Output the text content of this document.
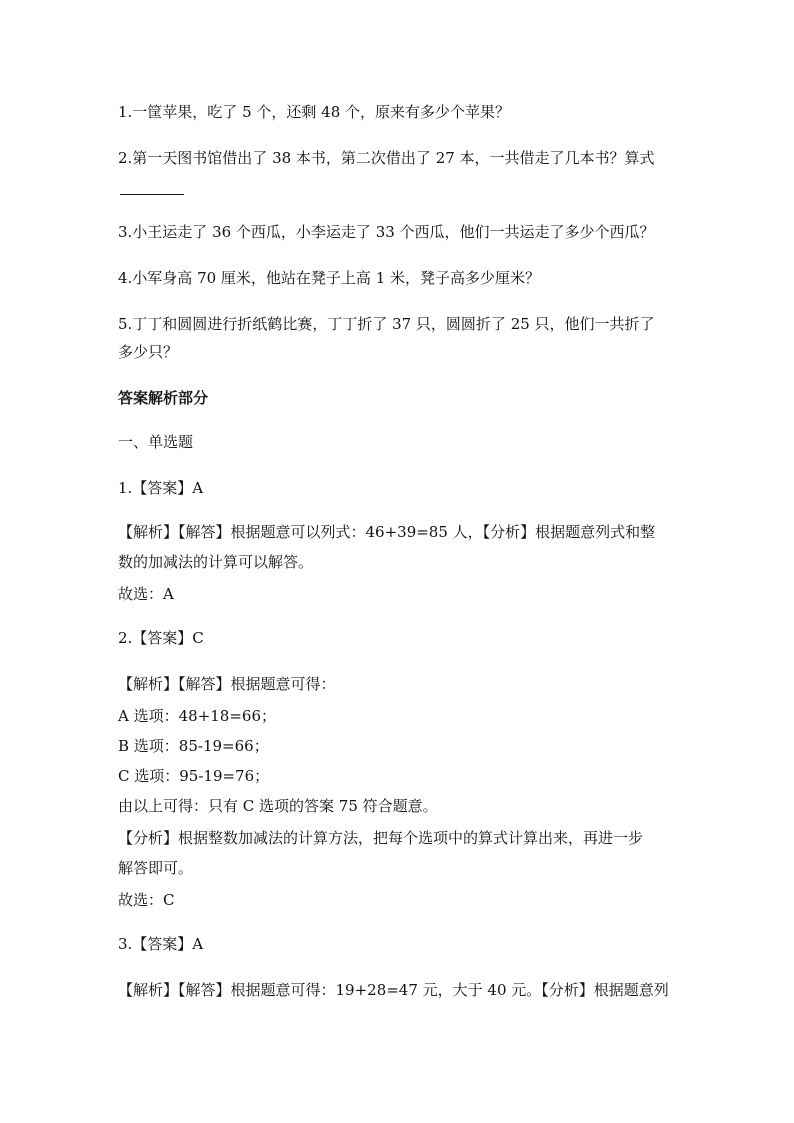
1.一筐苹果，吃了 5 个，还剩 48 个，原来有多少个苹果？
2.第一天图书馆借出了 38 本书，第二次借出了 27 本，一共借走了几本书？算式
3.小王运走了 36 个西瓜，小李运走了 33 个西瓜，他们一共运走了多少个西瓜？
4.小军身高 70 厘米，他站在凳子上高 1 米，凳子高多少厘米？
5.丁丁和圆圆进行折纸鹤比赛，丁丁折了 37 只，圆圆折了 25 只，他们一共折了
多少只？
答案解析部分
一、单选题
1.【答案】A
【解析】【解答】根据题意可以列式：46+39=85 人，【分析】根据题意列式和整
数的加减法的计算可以解答。
故选：A
2.【答案】C
【解析】【解答】根据题意可得：
A 选项：48+18=66；
B 选项：85-19=66；
C 选项：95-19=76；
由以上可得：只有 C 选项的答案 75 符合题意。
【分析】根据整数加减法的计算方法，把每个选项中的算式计算出来，再进一步
解答即可。
故选：C
3.【答案】A
【解析】【解答】根据题意可得：19+28=47 元，大于 40 元。【分析】根据题意列
